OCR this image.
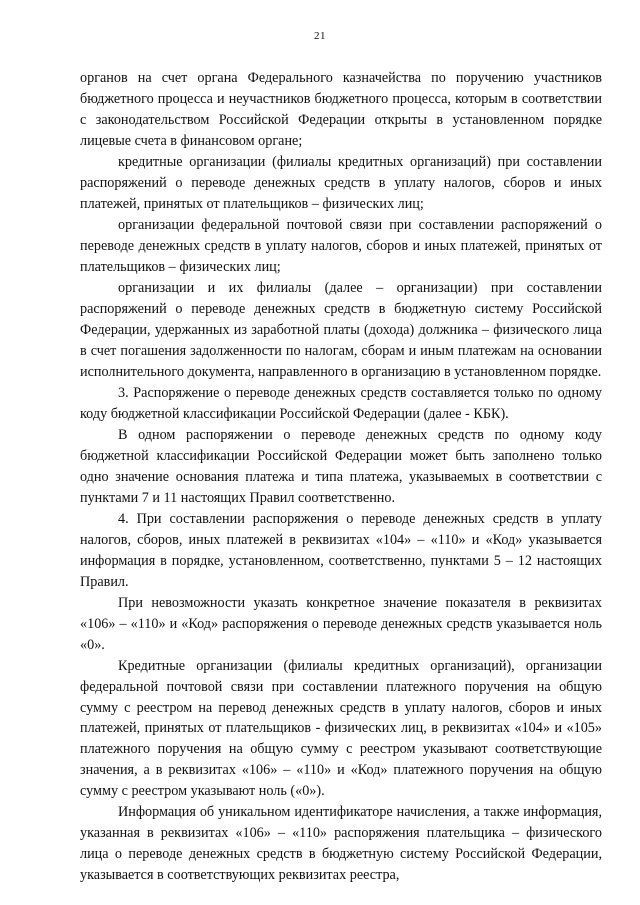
21

органов на счет органа Федерального казначейства по поручению участников бюджетного процесса и неучастников бюджетного процесса, которым в соответствии с законодательством Российской Федерации открыты в установленном порядке лицевые счета в финансовом органе;

кредитные организации (филиалы кредитных организаций) при составлении распоряжений о переводе денежных средств в уплату налогов, сборов и иных платежей, принятых от плательщиков – физических лиц;

организации федеральной почтовой связи при составлении распоряжений о переводе денежных средств в уплату налогов, сборов и иных платежей, принятых от плательщиков – физических лиц;

организации и их филиалы (далее – организации) при составлении распоряжений о переводе денежных средств в бюджетную систему Российской Федерации, удержанных из заработной платы (дохода) должника – физического лица в счет погашения задолженности по налогам, сборам и иным платежам на основании исполнительного документа, направленного в организацию в установленном порядке.

3. Распоряжение о переводе денежных средств составляется только по одному коду бюджетной классификации Российской Федерации (далее - КБК).

В одном распоряжении о переводе денежных средств по одному коду бюджетной классификации Российской Федерации может быть заполнено только одно значение основания платежа и типа платежа, указываемых в соответствии с пунктами 7 и 11 настоящих Правил соответственно.

4. При составлении распоряжения о переводе денежных средств в уплату налогов, сборов, иных платежей в реквизитах «104» – «110» и «Код» указывается информация в порядке, установленном, соответственно, пунктами 5 – 12 настоящих Правил.

При невозможности указать конкретное значение показателя в реквизитах «106» – «110» и «Код» распоряжения о переводе денежных средств указывается ноль «0».

Кредитные организации (филиалы кредитных организаций), организации федеральной почтовой связи при составлении платежного поручения на общую сумму с реестром на перевод денежных средств в уплату налогов, сборов и иных платежей, принятых от плательщиков - физических лиц, в реквизитах «104» и «105» платежного поручения на общую сумму с реестром указывают соответствующие значения, а в реквизитах «106» – «110» и «Код» платежного поручения на общую сумму с реестром указывают ноль («0»).

Информация об уникальном идентификаторе начисления, а также информация, указанная в реквизитах «106» – «110» распоряжения плательщика – физического лица о переводе денежных средств в бюджетную систему Российской Федерации, указывается в соответствующих реквизитах реестра,
